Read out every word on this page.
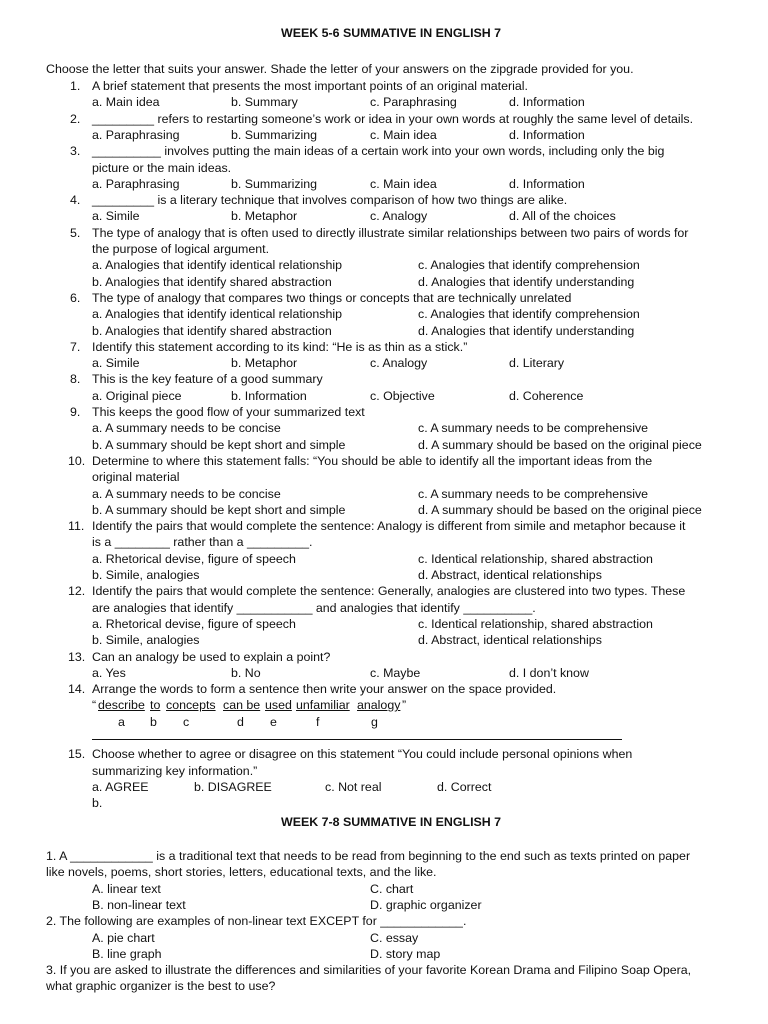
WEEK 5-6 SUMMATIVE IN ENGLISH 7
Choose the letter that suits your answer. Shade the letter of your answers on the zipgrade provided for you.
1. A brief statement that presents the most important points of an original material.
a. Main idea	b. Summary	c. Paraphrasing	d. Information
2. _________ refers to restarting someone’s work or idea in your own words at roughly the same level of details.
a. Paraphrasing	b. Summarizing	c. Main idea	d. Information
3. __________ involves putting the main ideas of a certain work into your own words, including only the big
picture or the main ideas.
a. Paraphrasing	b. Summarizing	c. Main idea	d. Information
4. _________ is a literary technique that involves comparison of how two things are alike.
a. Simile	b. Metaphor	c. Analogy	d. All of the choices
5. The type of analogy that is often used to directly illustrate similar relationships between two pairs of words for
the purpose of logical argument.
a. Analogies that identify identical relationship	c. Analogies that identify comprehension
b. Analogies that identify shared abstraction	d. Analogies that identify understanding
6. The type of analogy that compares two things or concepts that are technically unrelated
a. Analogies that identify identical relationship	c. Analogies that identify comprehension
b. Analogies that identify shared abstraction	d. Analogies that identify understanding
7. Identify this statement according to its kind: “He is as thin as a stick.”
a. Simile	b. Metaphor	c. Analogy	d. Literary
8. This is the key feature of a good summary
a. Original piece	b. Information	c. Objective	d. Coherence
9. This keeps the good flow of your summarized text
a. A summary needs to be concise	c. A summary needs to be comprehensive
b. A summary should be kept short and simple	d. A summary should be based on the original piece
10. Determine to where this statement falls: “You should be able to identify all the important ideas from the
original material
a. A summary needs to be concise	c. A summary needs to be comprehensive
b. A summary should be kept short and simple	d. A summary should be based on the original piece
11. Identify the pairs that would complete the sentence: Analogy is different from simile and metaphor because it
is a ________ rather than a _________.
a. Rhetorical devise, figure of speech	c. Identical relationship, shared abstraction
b. Simile, analogies	d. Abstract, identical relationships
12. Identify the pairs that would complete the sentence: Generally, analogies are clustered into two types. These
are analogies that identify ___________ and analogies that identify __________.
a. Rhetorical devise, figure of speech	c. Identical relationship, shared abstraction
b. Simile, analogies	d. Abstract, identical relationships
13. Can an analogy be used to explain a point?
a. Yes	b. No	c. Maybe	d. I don’t know
14. Arrange the words to form a sentence then write your answer on the space provided.
“ describe to concepts can be used unfamiliar analogy ”
a b c	d e	f	g
15. Choose whether to agree or disagree on this statement “You could include personal opinions when
summarizing key information.”
a. AGREE	b. DISAGREE	c. Not real	d. Correct
b.
1. A ____________ is a traditional text that needs to be read from beginning to the end such as texts printed on paper
like novels, poems, short stories, letters, educational texts, and the like.
A. linear text	C. chart
B. non-linear text	D. graphic organizer
2. The following are examples of non-linear text EXCEPT for ____________.
A. pie chart	C. essay
B. line graph	D. story map
3. If you are asked to illustrate the differences and similarities of your favorite Korean Drama and Filipino Soap Opera,
what graphic organizer is the best to use?
WEEK 7-8 SUMMATIVE IN ENGLISH 7
